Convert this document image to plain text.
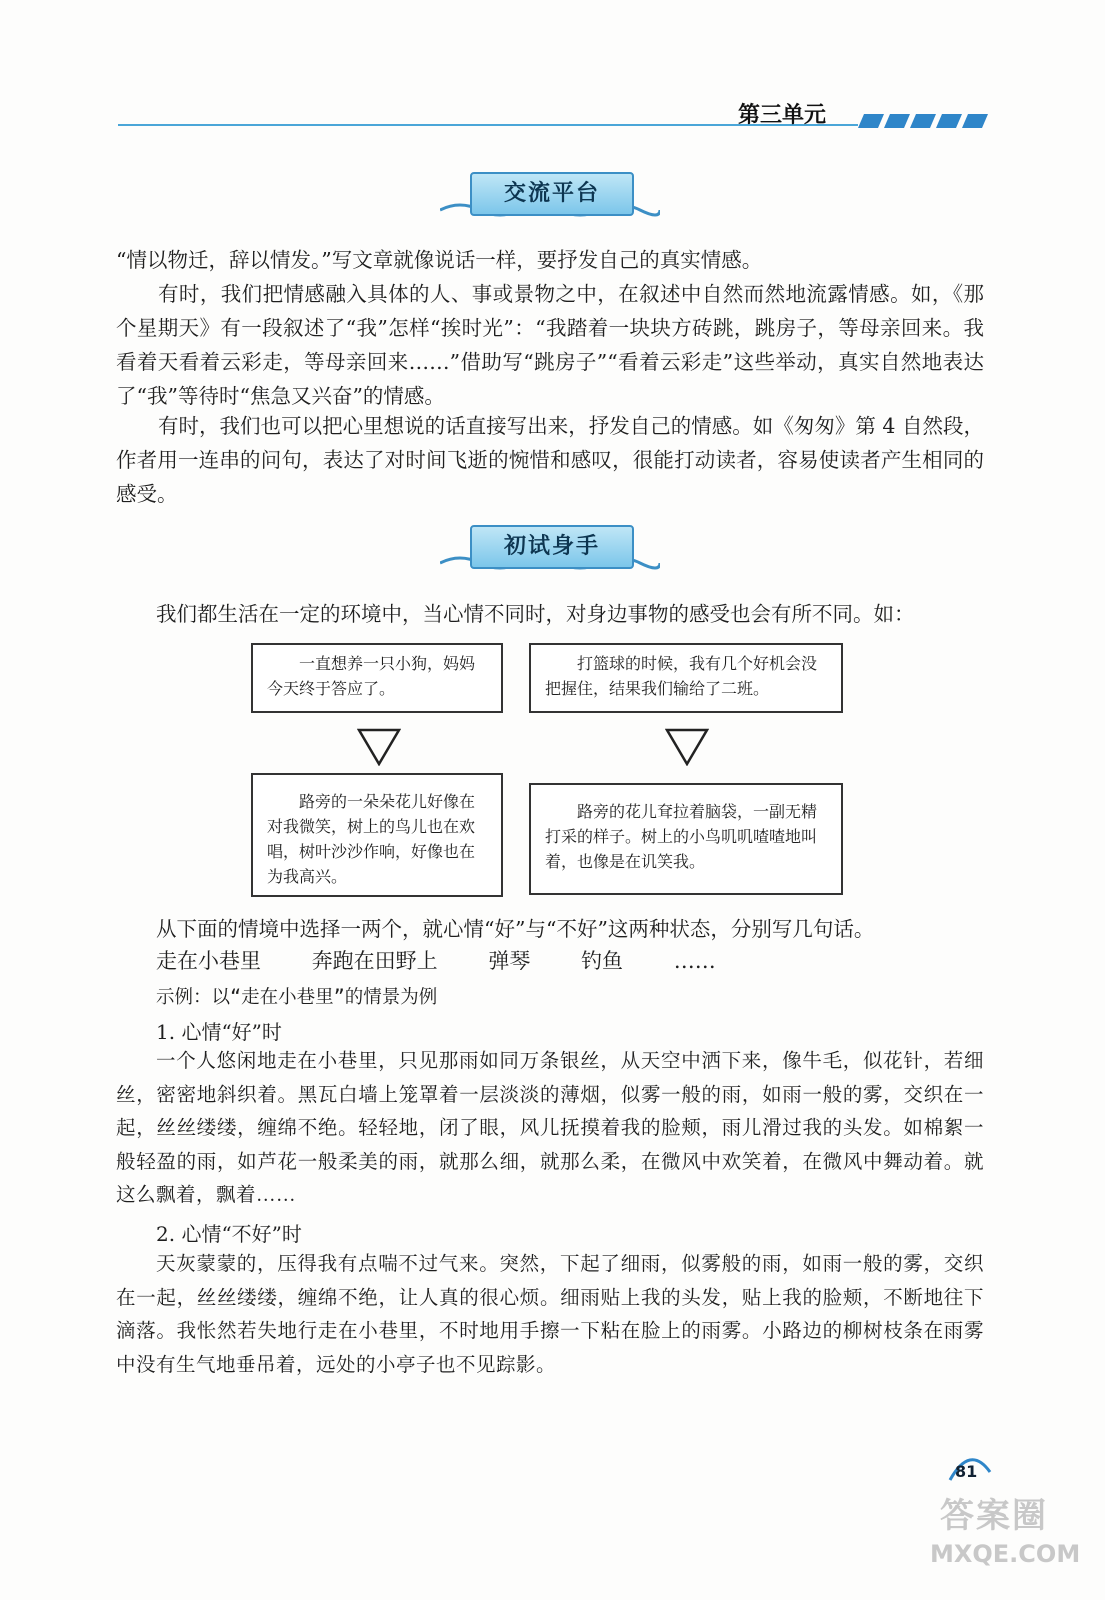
第三单元
交流平台

“情以物迁，辞以情发。”写文章就像说话一样，要抒发自己的真实情感。

有时，我们把情感融入具体的人、事或景物之中，在叙述中自然而然地流露情感。如，《那个星期天》有一段叙述了“我”怎样“挨时光”：“我踏着一块块方砖跳，跳房子，等母亲回来。我看着天看着云彩走，等母亲回来……”借助写“跳房子”“看着云彩走”这些举动，真实自然地表达了“我”等待时“焦急又兴奋”的情感。

有时，我们也可以把心里想说的话直接写出来，抒发自己的情感。如《匆匆》第 4 自然段，作者用一连串的问句，表达了对时间飞逝的惋惜和感叹，很能打动读者，容易使读者产生相同的感受。

初试身手

我们都生活在一定的环境中，当心情不同时，对身边事物的感受也会有所不同。如：

一直想养一只小狗，妈妈今天终于答应了。

打篮球的时候，我有几个好机会没把握住，结果我们输给了二班。

路旁的一朵朵花儿好像在对我微笑，树上的鸟儿也在欢唱，树叶沙沙作响，好像也在为我高兴。

路旁的花儿耷拉着脑袋，一副无精打采的样子。树上的小鸟叽叽喳喳地叫着，也像是在讥笑我。

从下面的情境中选择一两个，就心情“好”与“不好”这两种状态，分别写几句话。

走在小巷里 奔跑在田野上 弹琴 钓鱼 ……
示例：以“走在小巷里”的情景为例
1. 心情“好”时

一个人悠闲地走在小巷里，只见那雨如同万条银丝，从天空中洒下来，像牛毛，似花针，若细丝，密密地斜织着。黑瓦白墙上笼罩着一层淡淡的薄烟，似雾一般的雨，如雨一般的雾，交织在一起，丝丝缕缕，缠绵不绝。轻轻地，闭了眼，风儿抚摸着我的脸颊，雨儿滑过我的头发。如棉絮一般轻盈的雨，如芦花一般柔美的雨，就那么细，就那么柔，在微风中欢笑着，在微风中舞动着。就这么飘着，飘着……

2. 心情“不好”时

天灰蒙蒙的，压得我有点喘不过气来。突然，下起了细雨，似雾般的雨，如雨一般的雾，交织在一起，丝丝缕缕，缠绵不绝，让人真的很心烦。细雨贴上我的头发，贴上我的脸颊，不断地往下滴落。我怅然若失地行走在小巷里，不时地用手擦一下粘在脸上的雨雾。小路边的柳树枝条在雨雾中没有生气地垂吊着，远处的小亭子也不见踪影。

81
答案圈
MXQE.COM
